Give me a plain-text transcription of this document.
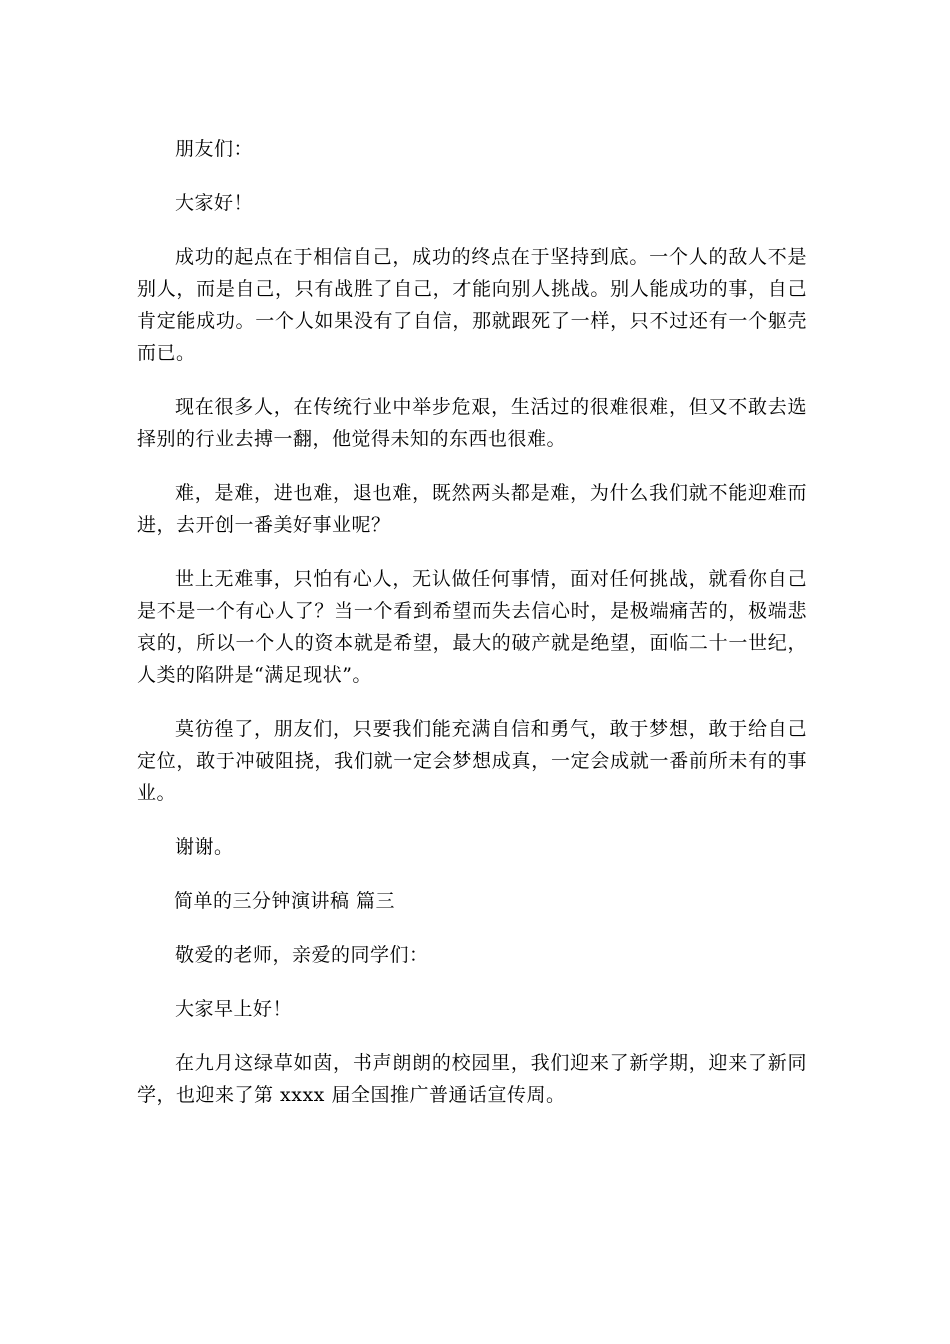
朋友们：

大家好！

成功的起点在于相信自己，成功的终点在于坚持到底。一个人的敌人不是别人，而是自己，只有战胜了自己，才能向别人挑战。别人能成功的事，自己肯定能成功。一个人如果没有了自信，那就跟死了一样，只不过还有一个躯壳而已。

现在很多人，在传统行业中举步危艰，生活过的很难很难，但又不敢去选择别的行业去搏一翻，他觉得未知的东西也很难。

难，是难，进也难，退也难，既然两头都是难，为什么我们就不能迎难而进，去开创一番美好事业呢？

世上无难事，只怕有心人，无认做任何事情，面对任何挑战，就看你自己是不是一个有心人了？当一个看到希望而失去信心时，是极端痛苦的，极端悲哀的，所以一个人的资本就是希望，最大的破产就是绝望，面临二十一世纪，人类的陷阱是“满足现状”。

莫彷徨了，朋友们，只要我们能充满自信和勇气，敢于梦想，敢于给自己定位，敢于冲破阻挠，我们就一定会梦想成真，一定会成就一番前所未有的事业。

谢谢。

简单的三分钟演讲稿 篇三

敬爱的老师，亲爱的同学们：

大家早上好！

在九月这绿草如茵，书声朗朗的校园里，我们迎来了新学期，迎来了新同学，也迎来了第 xxxx 届全国推广普通话宣传周。
